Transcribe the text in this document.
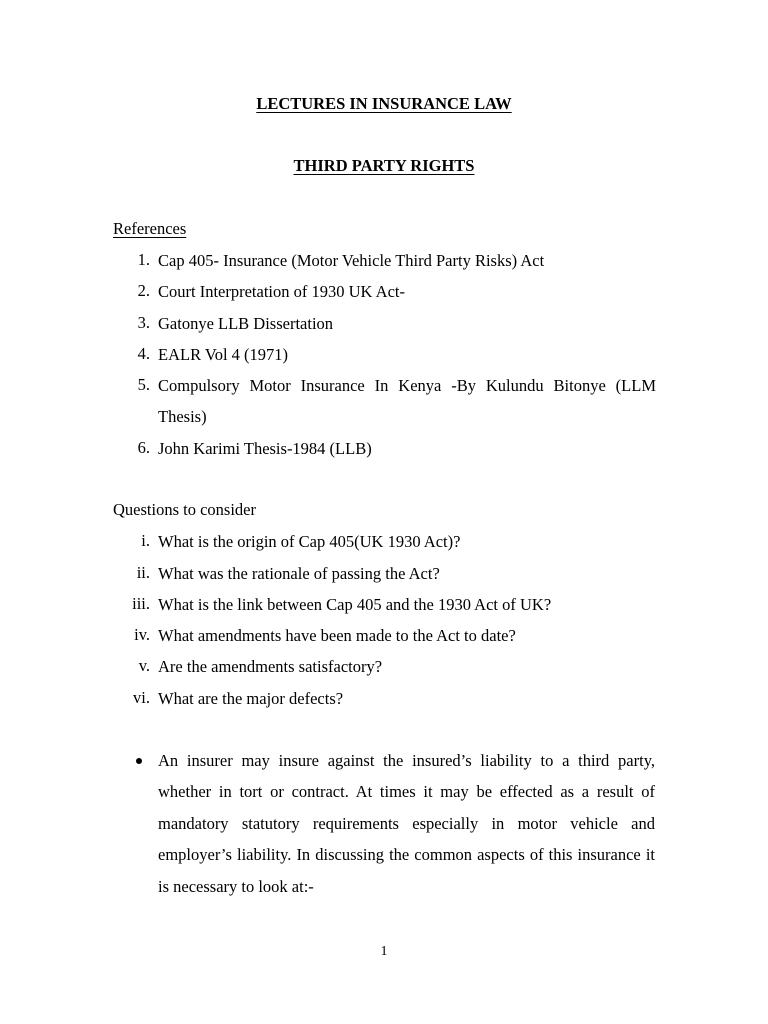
LECTURES IN INSURANCE LAW
THIRD PARTY RIGHTS
References
1. Cap 405- Insurance (Motor Vehicle Third Party Risks) Act
2. Court Interpretation of 1930 UK Act-
3. Gatonye LLB Dissertation
4. EALR Vol 4 (1971)
5. Compulsory Motor Insurance In Kenya -By Kulundu Bitonye (LLM Thesis)
6. John Karimi Thesis-1984 (LLB)
Questions to consider
i. What is the origin of Cap 405(UK 1930 Act)?
ii. What was the rationale of passing the Act?
iii. What is the link between Cap 405 and the 1930 Act of UK?
iv. What amendments have been made to the Act to date?
v. Are the amendments satisfactory?
vi. What are the major defects?
An insurer may insure against the insured’s liability to a third party, whether in tort or contract. At times it may be effected as a result of mandatory statutory requirements especially in motor vehicle and employer’s liability. In discussing the common aspects of this insurance it is necessary to look at:-
1
